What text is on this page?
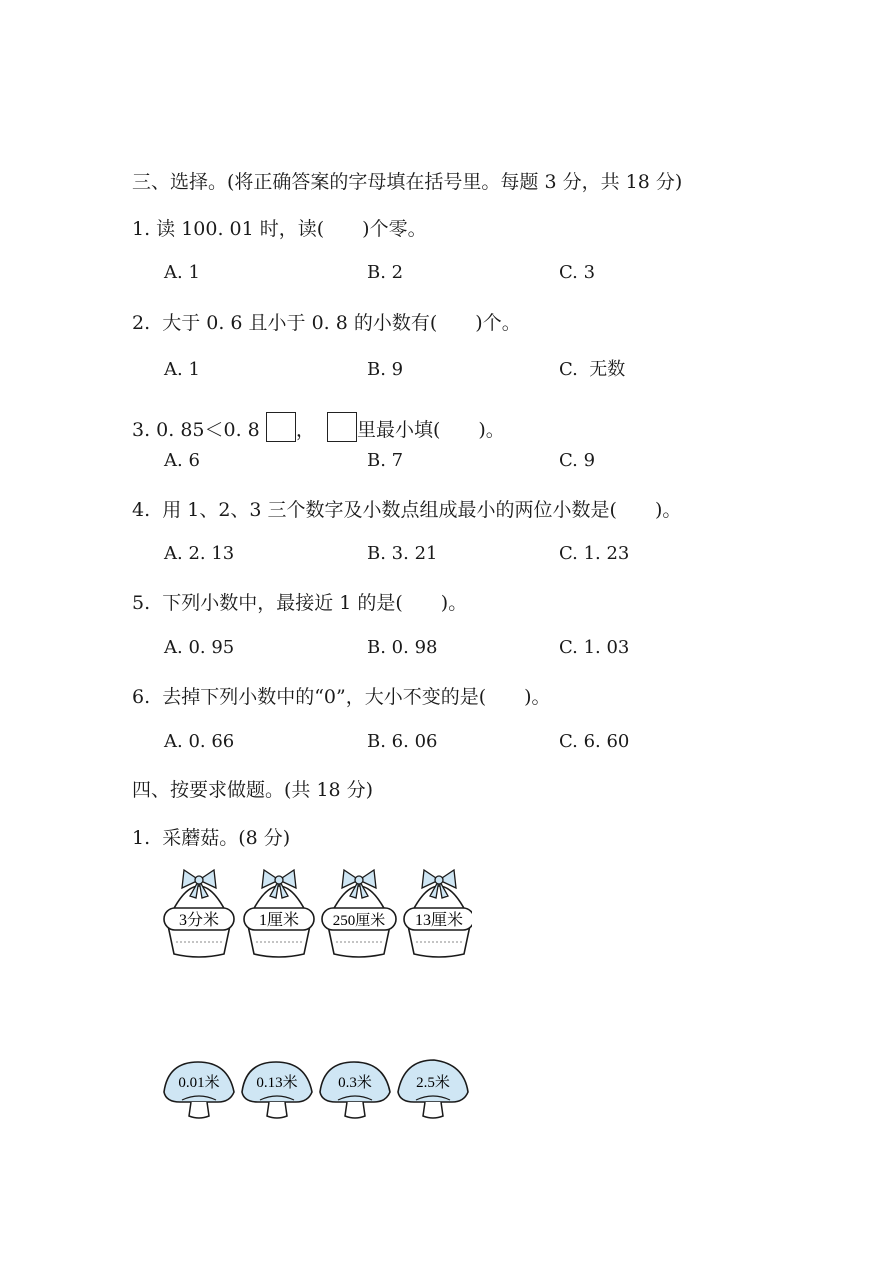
三、选择。(将正确答案的字母填在括号里。每题 3 分，共 18 分)
1. 读 100. 01 时，读(　　)个零。
A. 1	B. 2	C. 3
2.  大于 0. 6 且小于 0. 8 的小数有(　　)个。
A. 1	B. 9	C.  无数
3. 0. 85＜0. 8 ， 里最小填(　　)。
A. 6	B. 7	C. 9
4.  用 1、2、3 三个数字及小数点组成最小的两位小数是(　　)。
A. 2. 13	B. 3. 21	C. 1. 23
5.  下列小数中，最接近 1 的是(　　)。
A. 0. 95	B. 0. 98	C. 1. 03
6.  去掉下列小数中的“0”，大小不变的是(　　)。
A. 0. 66	B. 6. 06	C. 6. 60
四、按要求做题。(共 18 分)
1.  采蘑菇。(8 分)
3分米 1厘米 250厘米 13厘米
0.01米 0.13米	0.3米	2.5米
